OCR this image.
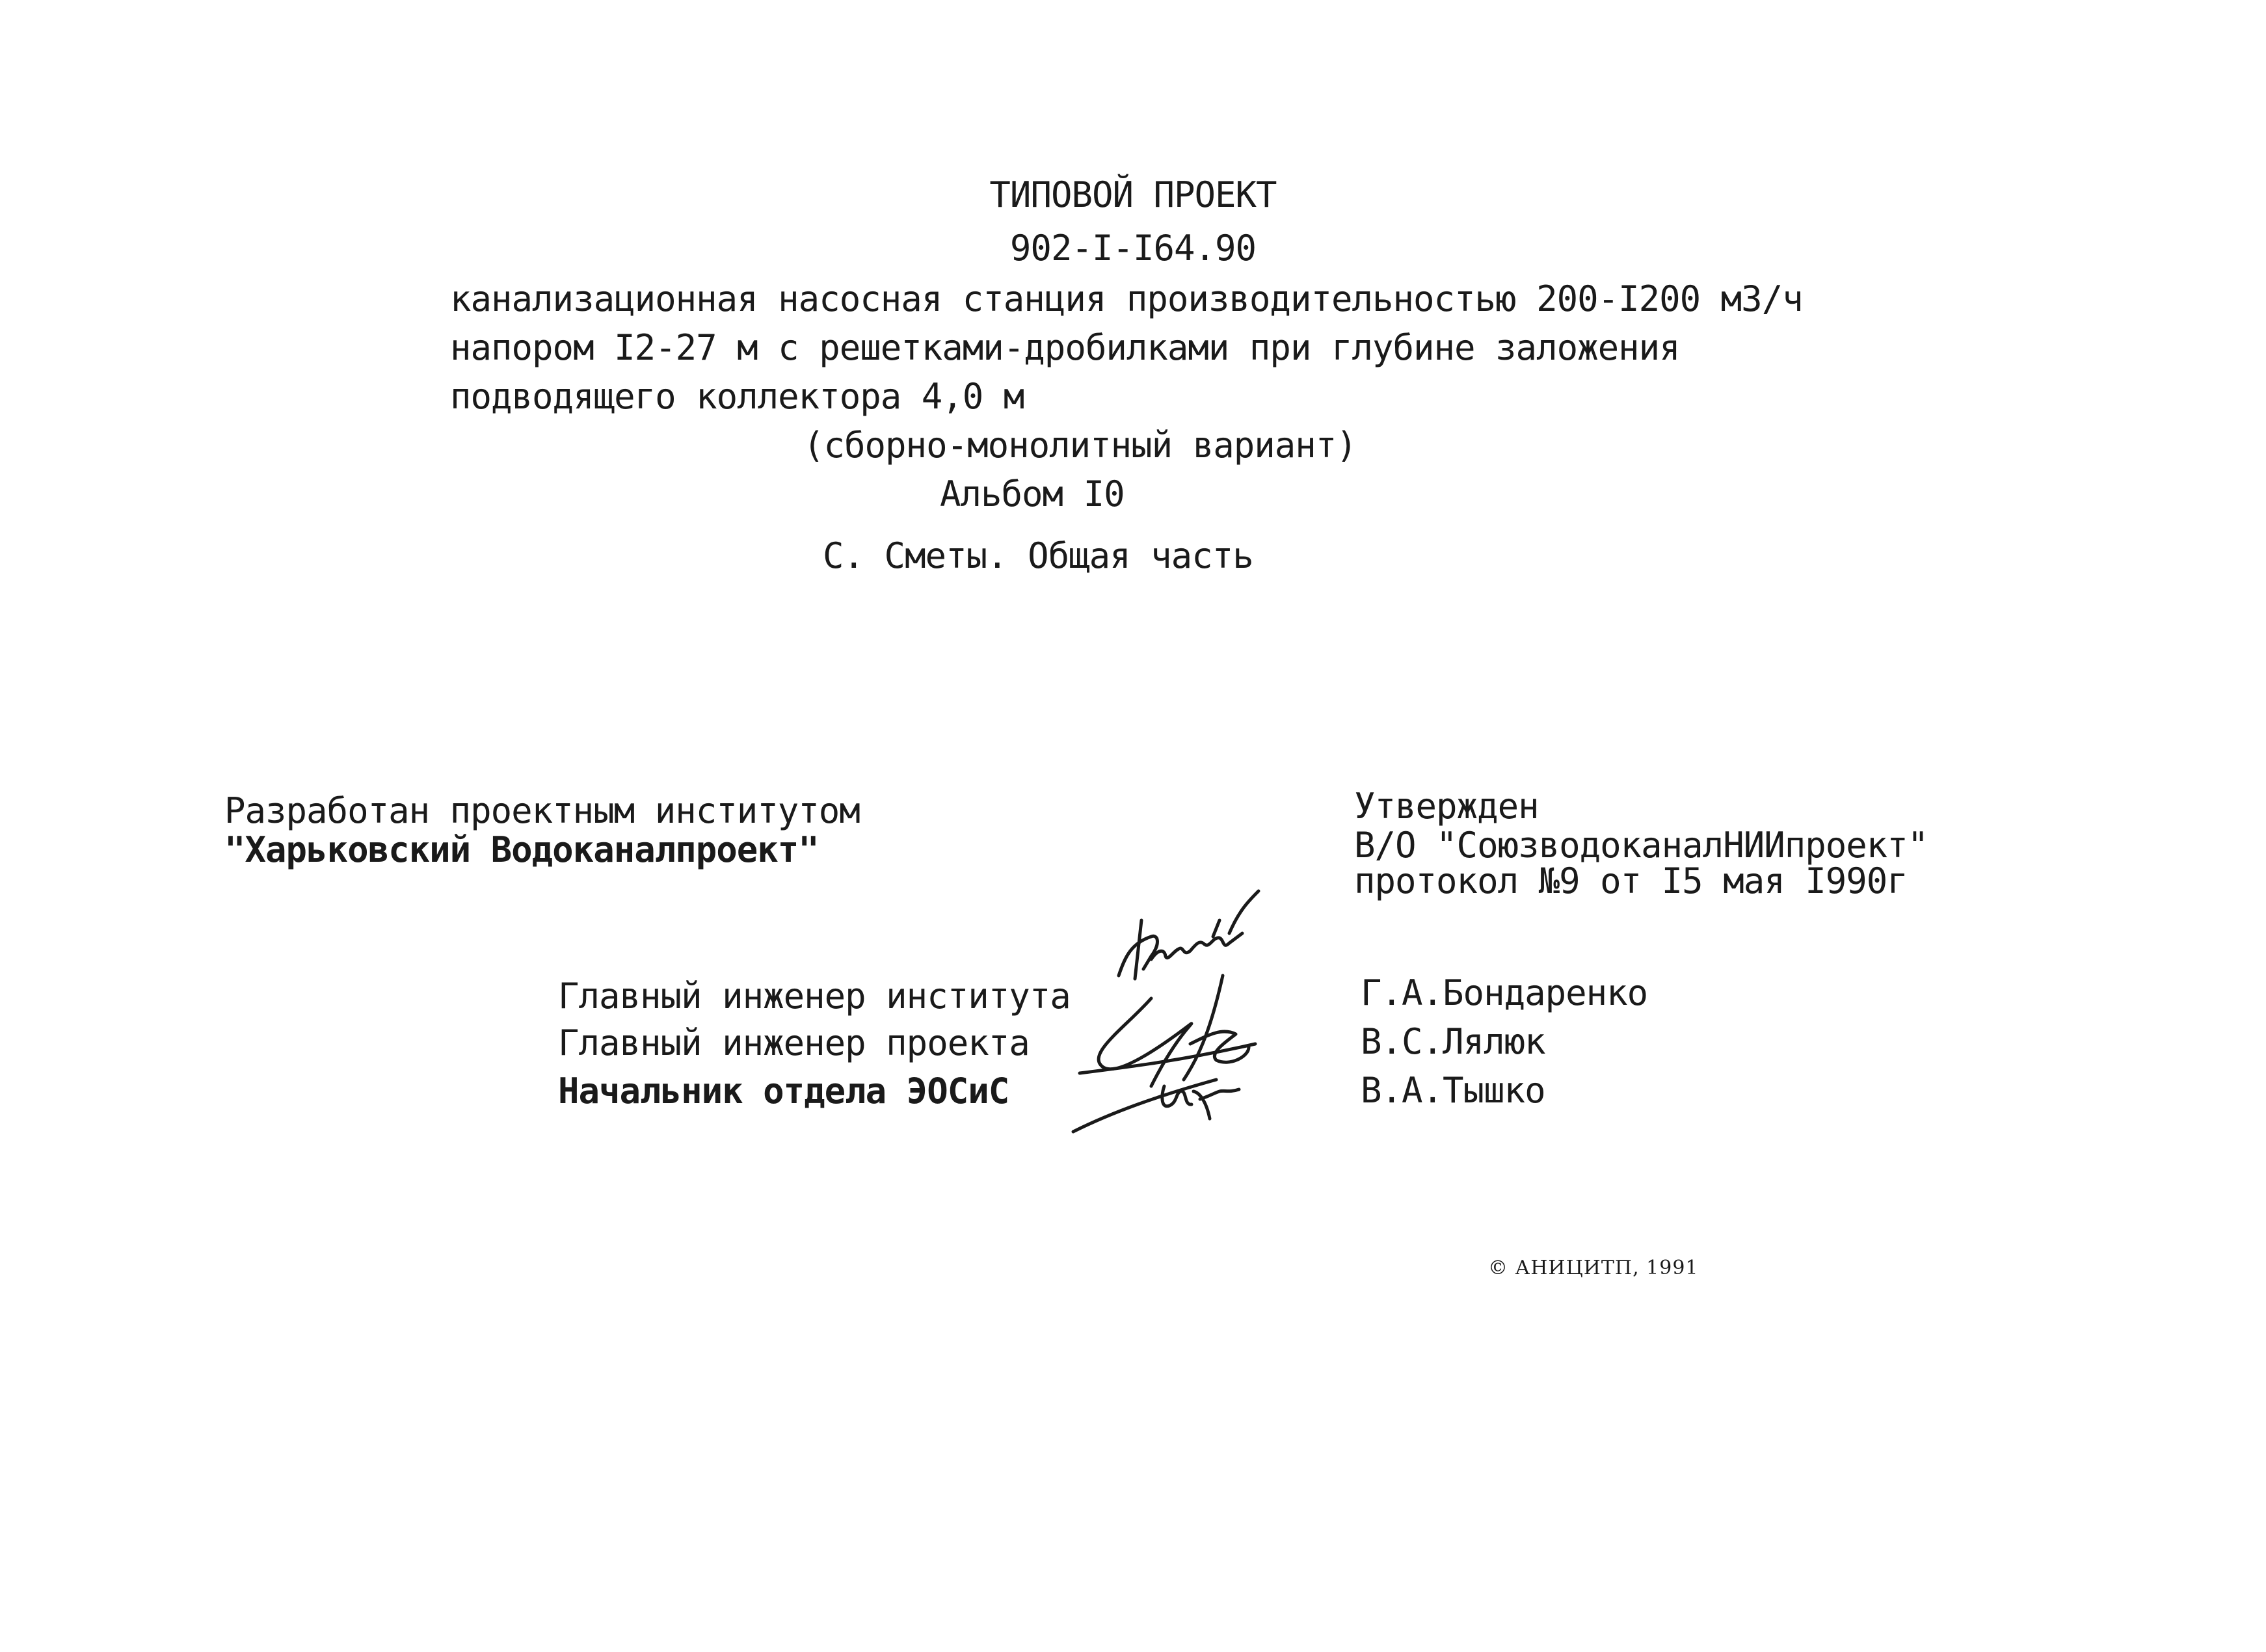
ТИПОВОЙ ПРОЕКТ
902-I-I64.90
канализационная насосная станция производительностью 200-I200 м3/ч
напором I2-27 м с решетками-дробилками при глубине заложения
подводящего коллектора 4,0 м
(сборно-монолитный вариант)
Альбом I0
С. Сметы. Общая часть
Разработан проектным институтом
"Харьковский Водоканалпроект"
Утвержден
В/О "СоюзводоканалНИИпроект"
протокол №9 от I5 мая I990г
Главный инженер института
Главный инженер проекта
Начальник отдела ЭОСиС
Г.А.Бондаренко
В.С.Лялюк
В.А.Тышко
© АНИЦИТП, 1991
